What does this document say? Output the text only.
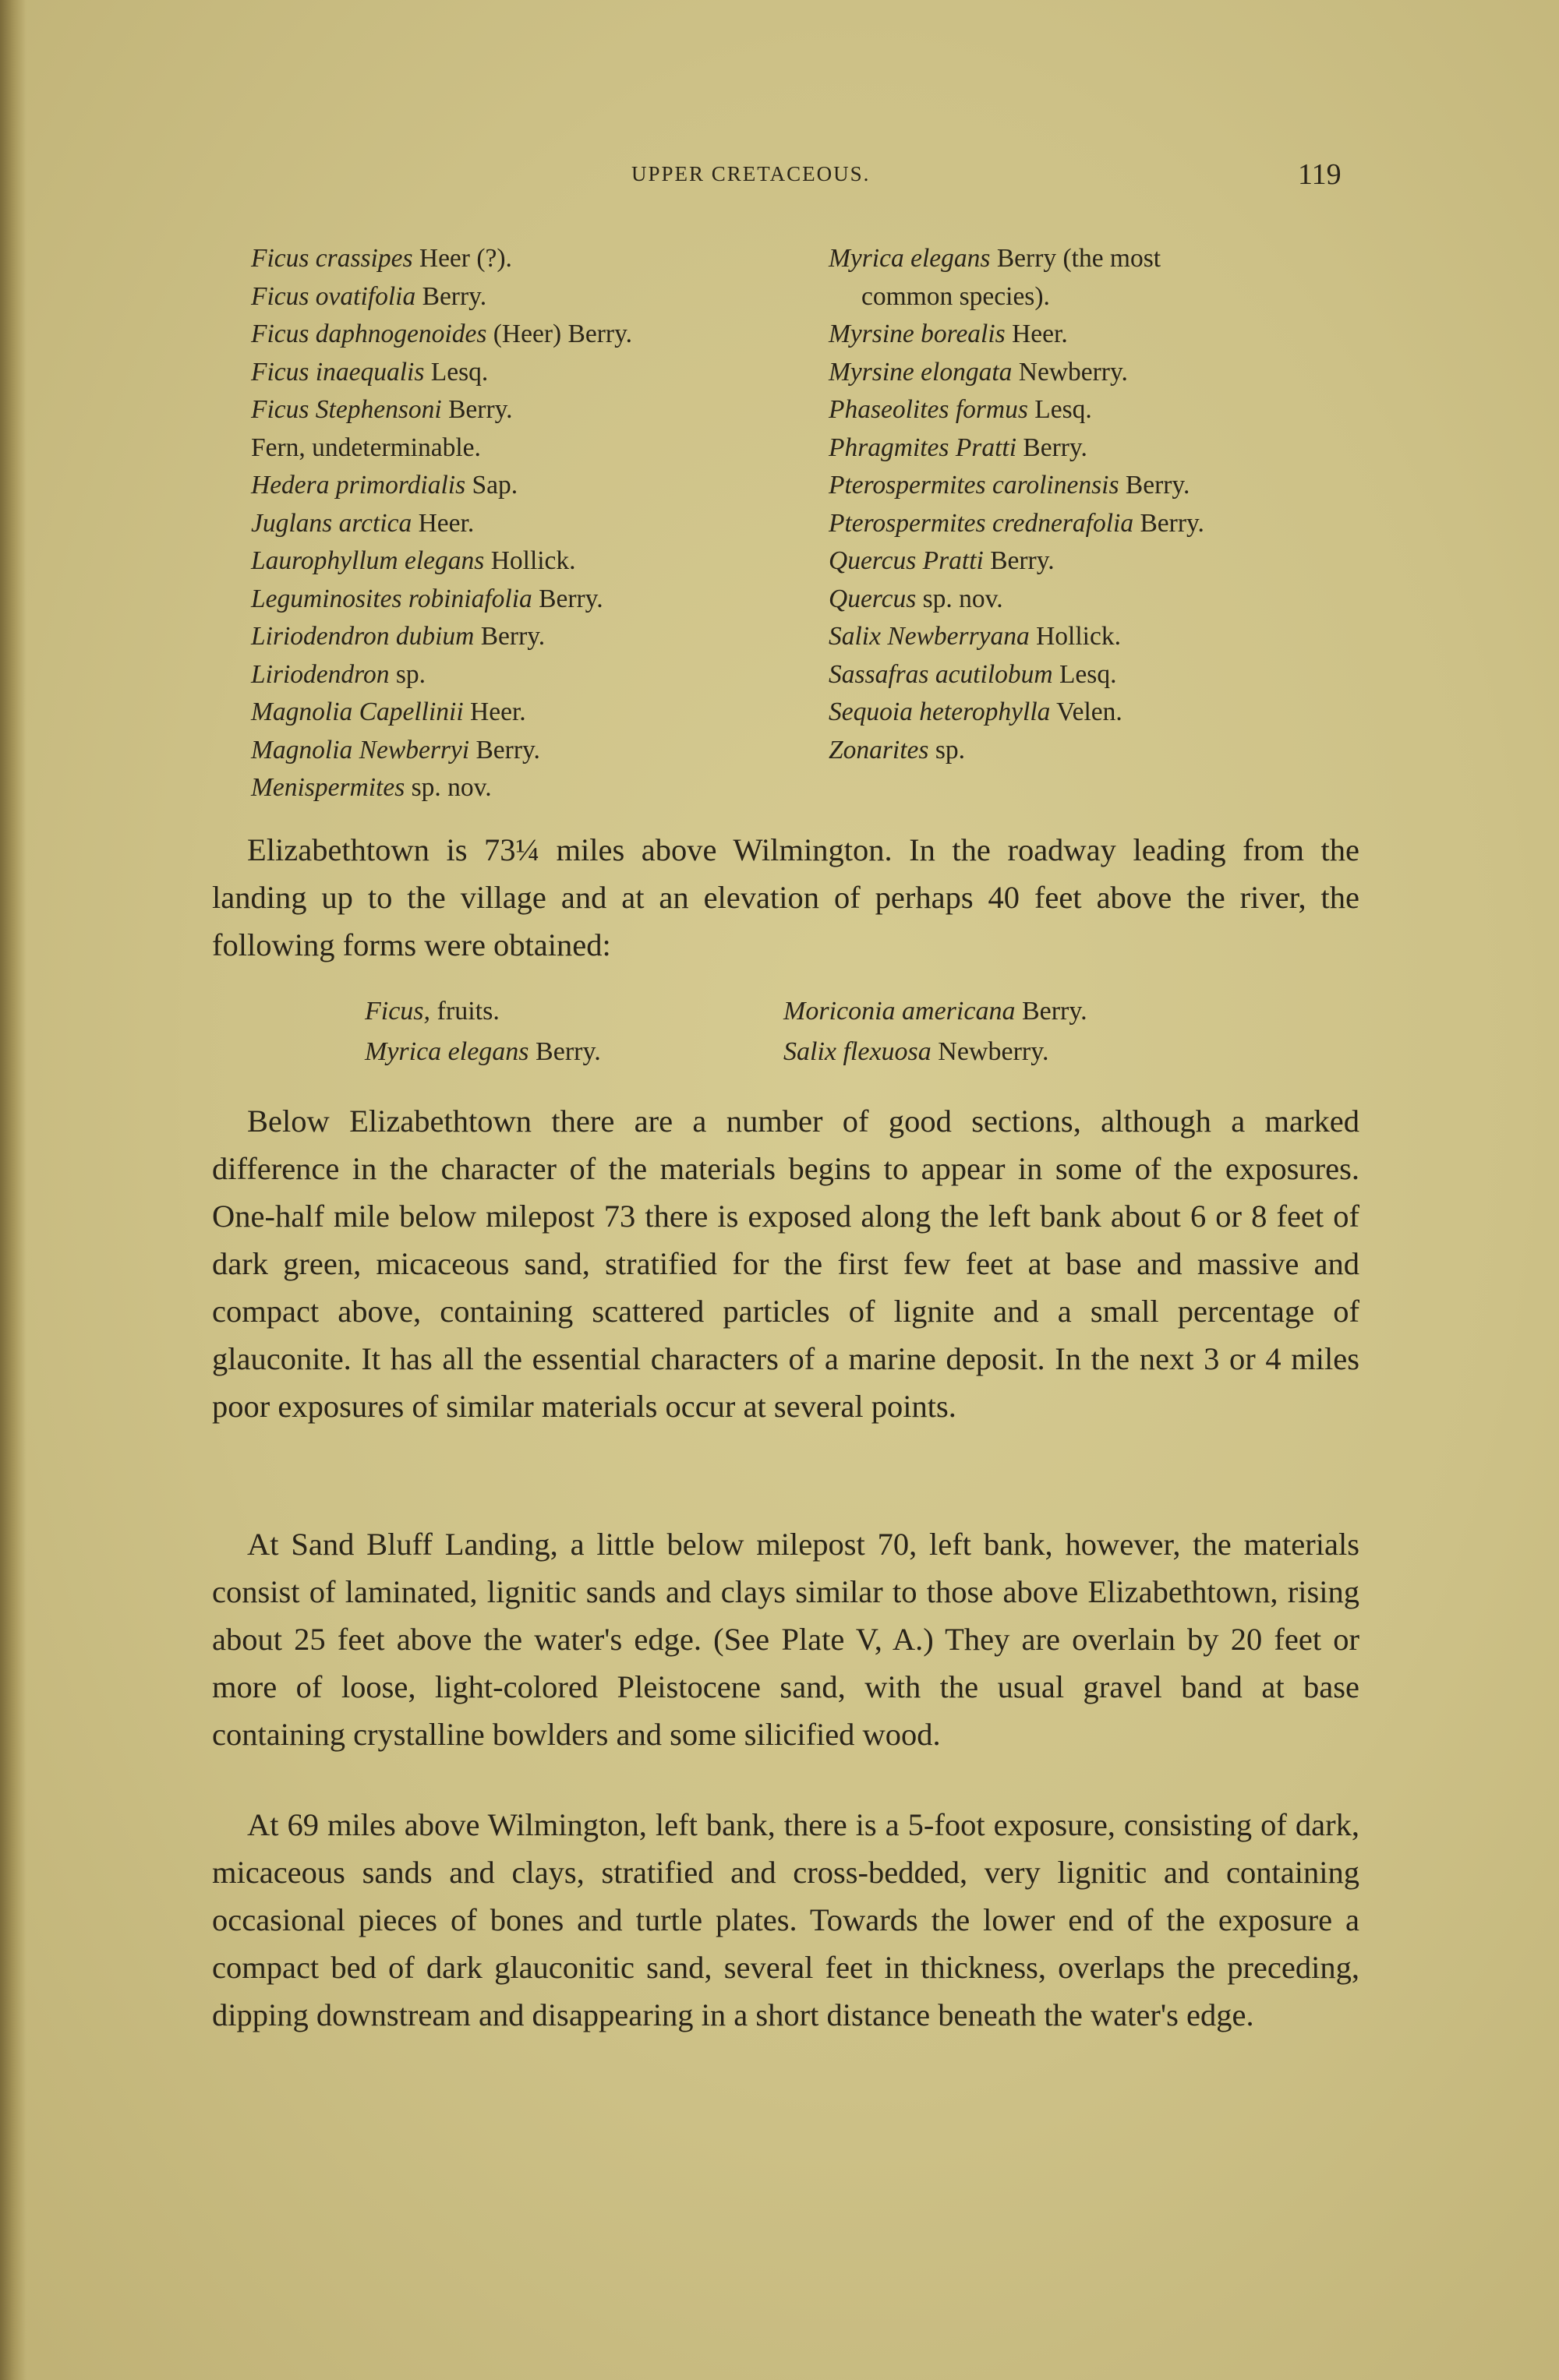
UPPER CRETACEOUS.	119
Ficus crassipes Heer (?).
Ficus ovatifolia Berry.
Ficus daphnogenoides (Heer) Berry.
Ficus inaequalis Lesq.
Ficus Stephensoni Berry.
Fern, undeterminable.
Hedera primordialis Sap.
Juglans arctica Heer.
Laurophyllum elegans Hollick.
Leguminosites robiniafolia Berry.
Liriodendron dubium Berry.
Liriodendron sp.
Magnolia Capellinii Heer.
Magnolia Newberryi Berry.
Menispermites sp. nov.
Myrica elegans Berry (the most
common species).
Myrsine borealis Heer.
Myrsine elongata Newberry.
Phaseolites formus Lesq.
Phragmites Pratti Berry.
Pterospermites carolinensis Berry.
Pterospermites crednerafolia Berry.
Quercus Pratti Berry.
Quercus sp. nov.
Salix Newberryana Hollick.
Sassafras acutilobum Lesq.
Sequoia heterophylla Velen.
Zonarites sp.

Elizabethtown is 73¼ miles above Wilmington. In the roadway leading from the landing up to the village and at an elevation of perhaps 40 feet above the river, the following forms were obtained:

Ficus, fruits.
Myrica elegans Berry.
Moriconia americana Berry.
Salix flexuosa Newberry.

Below Elizabethtown there are a number of good sections, although a marked difference in the character of the materials begins to appear in some of the exposures. One-half mile below milepost 73 there is exposed along the left bank about 6 or 8 feet of dark green, micaceous sand, stratified for the first few feet at base and massive and compact above, containing scattered particles of lignite and a small percentage of glauconite. It has all the essential characters of a marine deposit. In the next 3 or 4 miles poor exposures of similar materials occur at several points.

At Sand Bluff Landing, a little below milepost 70, left bank, however, the materials consist of laminated, lignitic sands and clays similar to those above Elizabethtown, rising about 25 feet above the water's edge. (See Plate V, A.) They are overlain by 20 feet or more of loose, light-colored Pleistocene sand, with the usual gravel band at base containing crystalline bowlders and some silicified wood.

At 69 miles above Wilmington, left bank, there is a 5-foot exposure, consisting of dark, micaceous sands and clays, stratified and cross-bedded, very lignitic and containing occasional pieces of bones and turtle plates. Towards the lower end of the exposure a compact bed of dark glauconitic sand, several feet in thickness, overlaps the preceding, dipping downstream and disappearing in a short distance beneath the water's edge.
